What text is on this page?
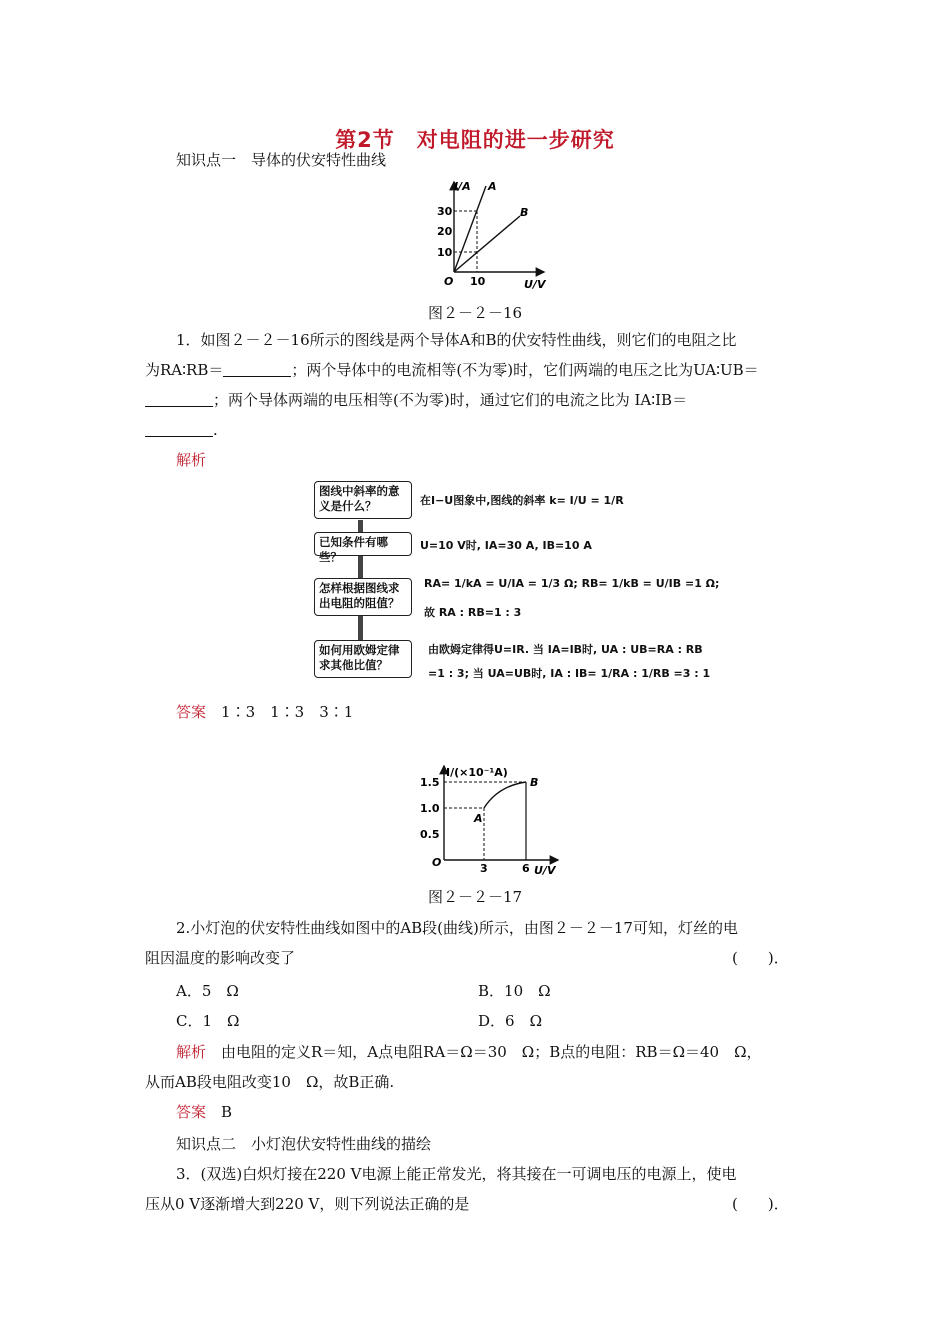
第2节　对电阻的进一步研究
知识点一　导体的伏安特性曲线
I/A A
B
30
20
10
O 10	U/V
图２－２－16
1．如图２－２－16所示的图线是两个导体A和B的伏安特性曲线，则它们的电阻之比
为RA∶RB＝	；两个导体中的电流相等(不为零)时，它们两端的电压之比为UA∶UB＝
；两个导体两端的电压相等(不为零)时，通过它们的电流之比为 IA∶IB＝
.
解析
图线中斜率的意义是什么？	在I−U图象中,图线的斜率 k= I/U = 1/R
已知条件有哪些？
U=10 V时, IA=30 A, IB=10 A
怎样根据图线求出电阻的阻值？
RA= 1/kA = U/IA = 1/3 Ω; RB= 1/kB = U/IB =1 Ω;
故 RA : RB=1 : 3
如何用欧姆定律求其他比值？
由欧姆定律得U=IR. 当 IA=IB时, UA : UB=RA : RB
=1 : 3; 当 UA=UB时, IA : IB= 1/RA : 1/RB =3 : 1
答案　 1∶3　1∶3　3∶1
I/(×10⁻¹A)
1.5
1.0
0.5
O	3	6 U/V
A
B
图２－２－17
2.小灯泡的伏安特性曲线如图中的AB段(曲线)所示，由图２－２－17可知，灯丝的电
阻因温度的影响改变了	(　　)．
A．5　Ω	B．10　Ω
C．1　Ω	D．6　Ω
解析　由电阻的定义R＝知，A点电阻RA＝Ω＝30　Ω；B点的电阻：RB＝Ω＝40　Ω，
从而AB段电阻改变10　Ω，故B正确.
答案　B
知识点二　小灯泡伏安特性曲线的描绘
3．(双选)白炽灯接在220 V电源上能正常发光，将其接在一可调电压的电源上，使电
压从0 V逐渐增大到220 V，则下列说法正确的是	(　　)．
